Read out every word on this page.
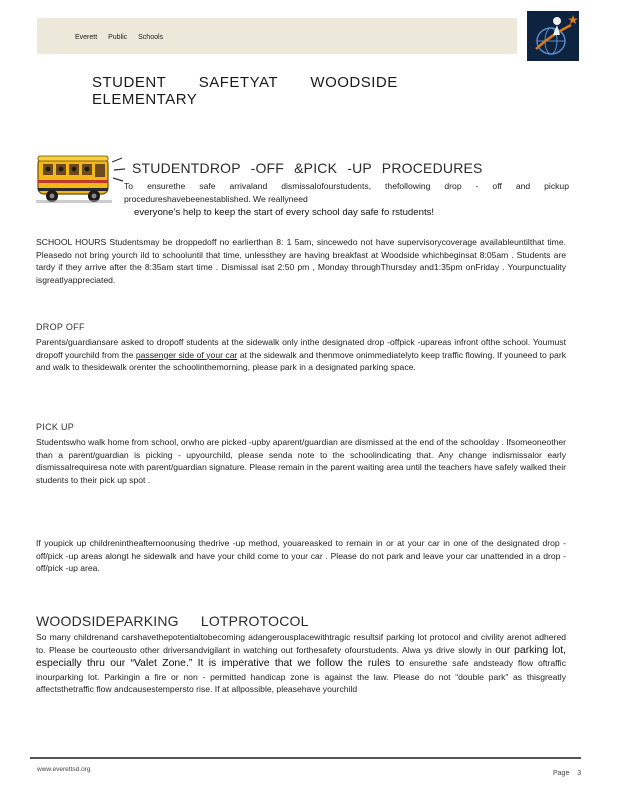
Everett Public Schools
STUDENT SAFETYAT WOODSIDE ELEMENTARY
STUDENTDROP -OFF &PICK -UP PROCEDURES
To ensurethe safe arrivaland dismissalofourstudents, thefollowing drop - off and pickup procedureshavebeenestablished. We reallyneed
everyone’s help to keep the start of every school day safe fo rstudents!
SCHOOL HOURS Studentsmay be droppedoff no earlierthan 8: 1 5am, sincewedo not have supervisorycoverage availableuntilthat time. Pleasedo not bring yourch ild to schooluntil that time, unlessthey are having breakfast at Woodside whichbeginsat 8:05am . Students are tardy if they arrive after the 8:35am start time . Dismissal isat 2:50 pm , Monday throughThursday and1:35pm onFriday . Yourpunctuality isgreatlyappreciated.
DROP OFF
Parents/guardiansare asked to dropoff students at the sidewalk only inthe designated drop -offpick -upareas infront ofthe school. Youmust dropoff yourchild from the passenger side of your car at the sidewalk and thenmove onimmediatelyto keep traffic flowing. If youneed to park and walk to thesidewalk orenter the schoolinthemorning, please park in a designated parking space.
PICK UP
Studentswho walk home from school, orwho are picked -upby aparent/guardian are dismissed at the end of the schoolday . Ifsomeoneother than a parent/guardian is picking - upyourchild, please senda note to the schoolindicating that. Any change indismissalor early dismissalrequiresa note with parent/guardian signature. Please remain in the parent waiting area until the teachers have safely walked their students to their pick up spot .
If youpick up childrenintheafternoonusing thedrive -up method, youareasked to remain in or at your car in one of the designated drop -off/pick -up areas alongt he sidewalk and have your child come to your car . Please do not park and leave your car unattended in a drop -off/pick -up area.
WOODSIDEPARKING LOTPROTOCOL
So many childrenand carshavethepotentialtobecoming adangerousplacewithtragic resultsif parking lot protocol and civility arenot adhered to. Please be courteousto other driversandvigilant in watching out forthesafety ofourstudents. Alwa ys drive slowly in our parking lot, especially thru our “Valet Zone.” It is imperative that we follow the rules to ensurethe safe andsteady flow oftraffic inourparking lot. Parkingin a fire or non - permitted handicap zone is against the law. Please do not “double park” as thisgreatly affectsthetraffic flow andcausestempersto rise. If at allpossible, pleasehave yourchild
www.everettsd.org
Page 3
